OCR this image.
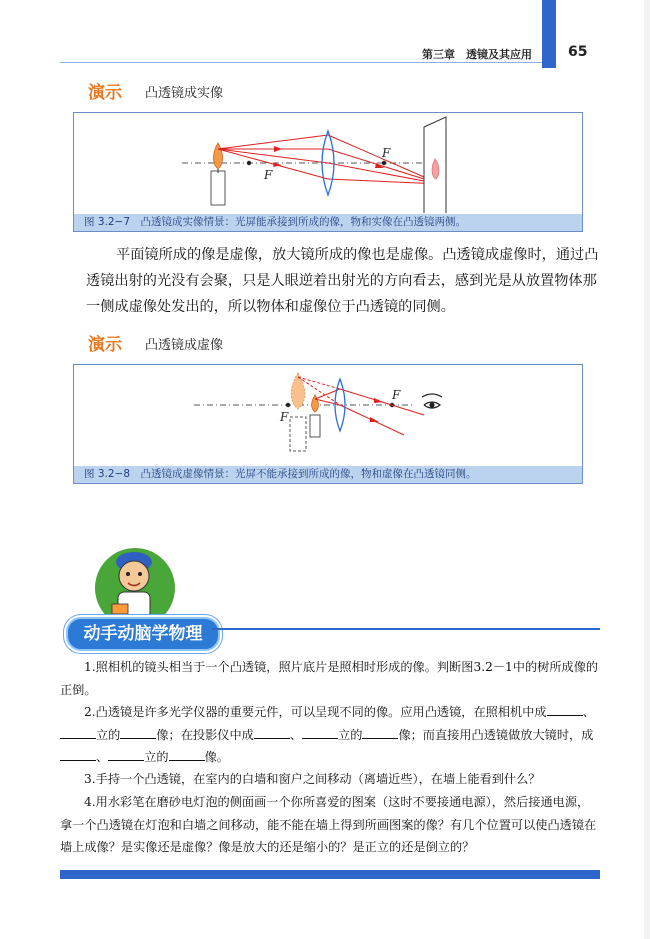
第三章　透镜及其应用	65
演示 凸透镜成实像
F
F
图 3.2−7　凸透镜成实像情景：光屏能承接到所成的像，物和实像在凸透镜两侧。
平面镜所成的像是虚像，放大镜所成的像也是虚像。凸透镜成虚像时，通过凸透镜出射的光没有会聚，只是人眼逆着出射光的方向看去，感到光是从放置物体那一侧成虚像处发出的，所以物体和虚像位于凸透镜的同侧。
演示 凸透镜成虚像
F
F
图 3.2−8　凸透镜成虚像情景：光屏不能承接到所成的像，物和虚像在凸透镜同侧。
动手动脑学物理
1.照相机的镜头相当于一个凸透镜，照片底片是照相时形成的像。判断图3.2－1中的树所成像的正倒。
2.凸透镜是许多光学仪器的重要元件，可以呈现不同的像。应用凸透镜，在照相机中成	、立的	像；在投影仪中成	、	立的	像；而直接用凸透镜做放大镜时，成、	立的	像。
3.手持一个凸透镜，在室内的白墙和窗户之间移动（离墙近些），在墙上能看到什么？
4.用水彩笔在磨砂电灯泡的侧面画一个你所喜爱的图案（这时不要接通电源），然后接通电源，拿一个凸透镜在灯泡和白墙之间移动，能不能在墙上得到所画图案的像？有几个位置可以使凸透镜在墙上成像？是实像还是虚像？像是放大的还是缩小的？是正立的还是倒立的？
